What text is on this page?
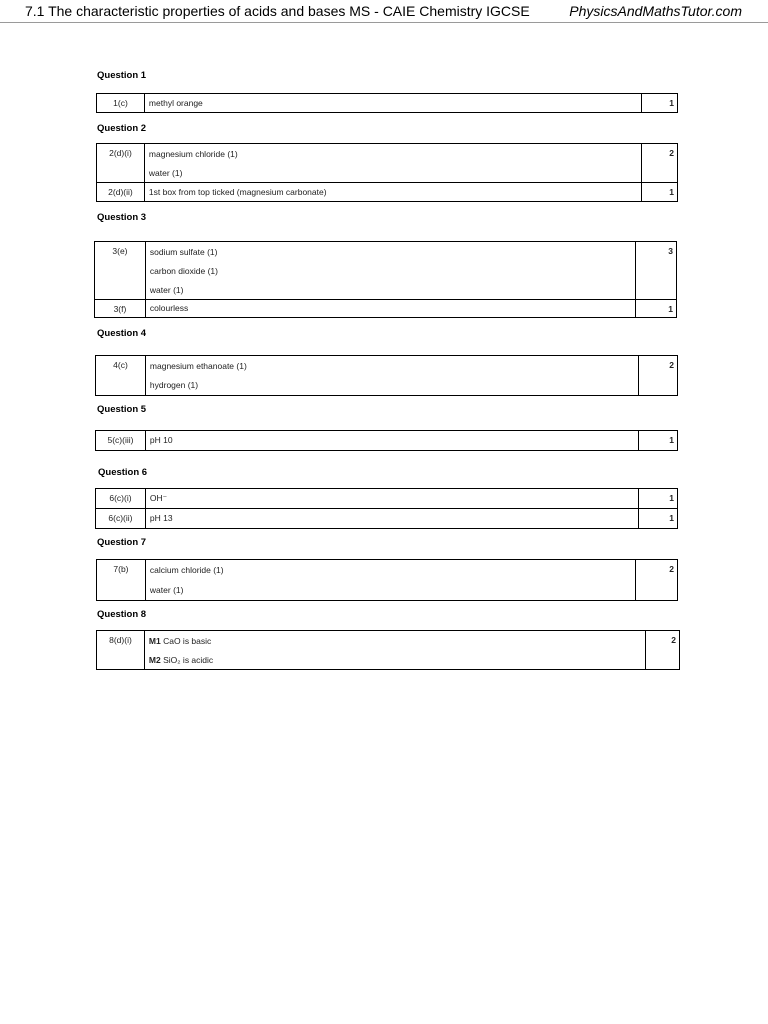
7.1 The characteristic properties of acids and bases MS - CAIE Chemistry IGCSE	PhysicsAndMathsTutor.com
Question 1
1(c)	methyl orange	1
Question 2
2(d)(i)	magnesium chloride (1)
water (1)	2
2(d)(ii)	1st box from top ticked (magnesium carbonate)	1
Question 3
3(e)	sodium sulfate (1)
carbon dioxide (1)
water (1)	3
3(f)	colourless	1
Question 4
4(c)	magnesium ethanoate (1)
hydrogen (1)
	2
Question 5
5(c)(iii)	pH 10	1
Question 6
6(c)(i)	OH⁻	1
6(c)(ii)	pH 13	1
Question 7
7(b)	calcium chloride (1)
water (1)
	2
Question 8
8(d)(i)	M1 CaO is basic
M2 SiO₂ is acidic
	2
